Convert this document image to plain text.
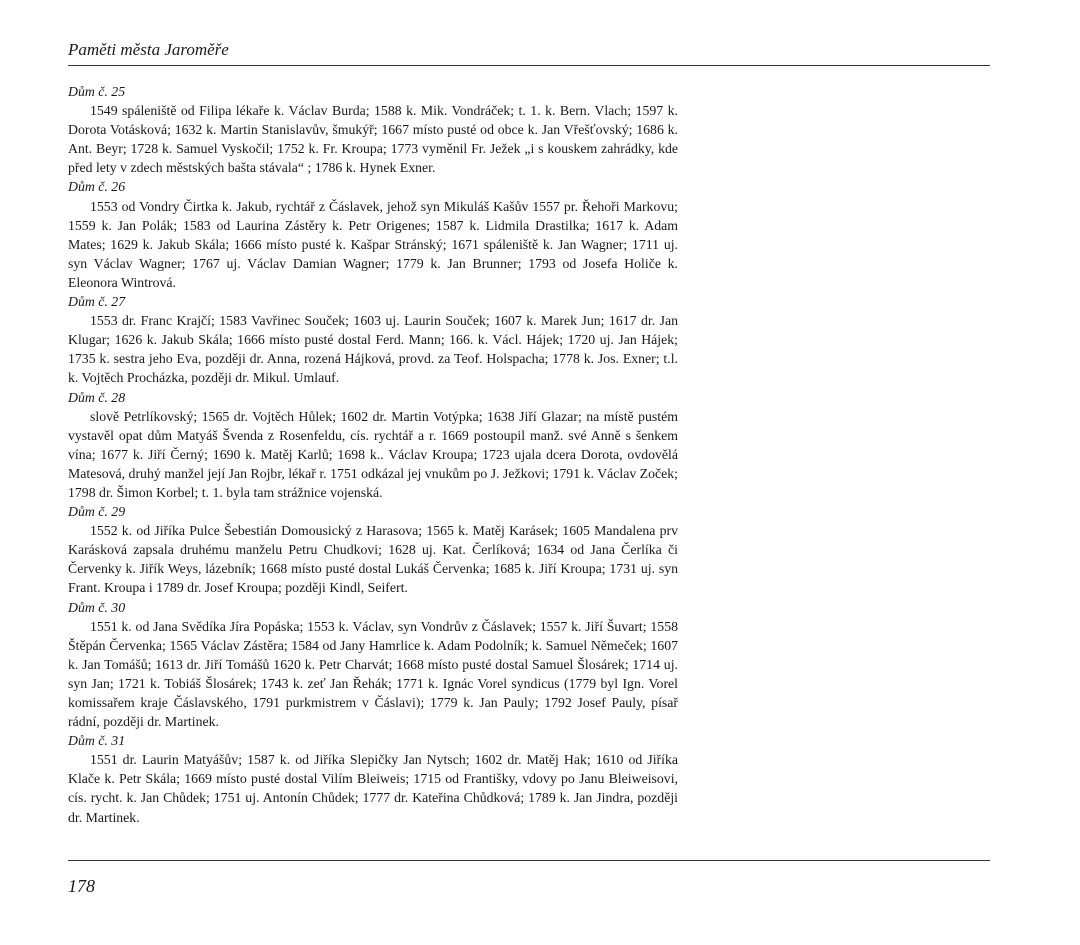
Paměti města Jaroměře
Dům č. 25
1549 spáleniště od Filipa lékaře k. Václav Burda; 1588 k. Mik. Vondráček; t. 1. k. Bern. Vlach; 1597 k. Dorota Votásková; 1632 k. Martin Stanislavův, šmukýř; 1667 místo pusté od obce k. Jan Vřešťovský; 1686 k. Ant. Beyr; 1728 k. Samuel Vyskočil; 1752 k. Fr. Kroupa; 1773 vyměnil Fr. Ježek „i s kouskem zahrádky, kde před lety v zdech městských bašta stávala“ ; 1786 k. Hynek Exner.
Dům č. 26
1553 od Vondry Čirtka k. Jakub, rychtář z Čáslavek, jehož syn Mikuláš Kašův 1557 pr. Řehoři Markovu; 1559 k. Jan Polák; 1583 od Laurina Zástěry k. Petr Origenes; 1587 k. Lidmila Drastilka; 1617 k. Adam Mates; 1629 k. Jakub Skála; 1666 místo pusté k. Kašpar Stránský; 1671 spáleniště k. Jan Wagner; 1711 uj. syn Václav Wagner; 1767 uj. Václav Damian Wagner; 1779 k. Jan Brunner; 1793 od Josefa Holiče k. Eleonora Wintrová.
Dům č. 27
1553 dr. Franc Krajčí; 1583 Vavřinec Souček; 1603 uj. Laurin Souček; 1607 k. Marek Jun; 1617 dr. Jan Klugar; 1626 k. Jakub Skála; 1666 místo pusté dostal Ferd. Mann; 166. k. Václ. Hájek; 1720 uj. Jan Hájek; 1735 k. sestra jeho Eva, později dr. Anna, rozená Hájková, provd. za Teof. Holspacha; 1778 k. Jos. Exner; t.l. k. Vojtěch Procházka, později dr. Mikul. Umlauf.
Dům č. 28
slově Petrlíkovský; 1565 dr. Vojtěch Hůlek; 1602 dr. Martin Votýpka; 1638 Jiří Glazar; na místě pustém vystavěl opat dům Matyáš Švenda z Rosenfeldu, cís. rychtář a r. 1669 postoupil manž. své Anně s šenkem vína; 1677 k. Jiří Černý; 1690 k. Matěj Karlů; 1698 k.. Václav Kroupa; 1723 ujala dcera Dorota, ovdovělá Matesová, druhý manžel její Jan Rojbr, lékař r. 1751 odkázal jej vnukům po J. Ježkovi; 1791 k. Václav Zoček; 1798 dr. Šimon Korbel; t. 1. byla tam strážnice vojenská.
Dům č. 29
1552 k. od Jiříka Pulce Šebestián Domousický z Harasova; 1565 k. Matěj Karásek; 1605 Mandalena prv Karásková zapsala druhému manželu Petru Chudkovi; 1628 uj. Kat. Čerlíková; 1634 od Jana Čerlíka či Červenky k. Jiřík Weys, lázebník; 1668 místo pusté dostal Lukáš Červenka; 1685 k. Jiří Kroupa; 1731 uj. syn Frant. Kroupa i 1789 dr. Josef Kroupa; později Kindl, Seifert.
Dům č. 30
1551 k. od Jana Svědíka Jíra Popáska; 1553 k. Václav, syn Vondrův z Čáslavek; 1557 k. Jiří Šuvart; 1558 Štěpán Červenka; 1565 Václav Zástěra; 1584 od Jany Hamrlice k. Adam Podolník; k. Samuel Němeček; 1607 k. Jan Tomášů; 1613 dr. Jiří Tomášů 1620 k. Petr Charvát; 1668 místo pusté dostal Samuel Šlosárek; 1714 uj. syn Jan; 1721 k. Tobiáš Šlosárek; 1743 k. zeť Jan Řehák; 1771 k. Ignác Vorel syndicus (1779 byl Ign. Vorel komissařem kraje Čáslavského, 1791 purkmistrem v Čáslavi); 1779 k. Jan Pauly; 1792 Josef Pauly, písař rádní, později dr. Martinek.
Dům č. 31
1551 dr. Laurin Matyášův; 1587 k. od Jiříka Slepičky Jan Nytsch; 1602 dr. Matěj Hak; 1610 od Jiříka Klače k. Petr Skála; 1669 místo pusté dostal Vilím Bleiweis; 1715 od Františky, vdovy po Janu Bleiweisovi, cís. rycht. k. Jan Chůdek; 1751 uj. Antonín Chůdek; 1777 dr. Kateřina Chůdková; 1789 k. Jan Jindra, později dr. Martinek.
178
